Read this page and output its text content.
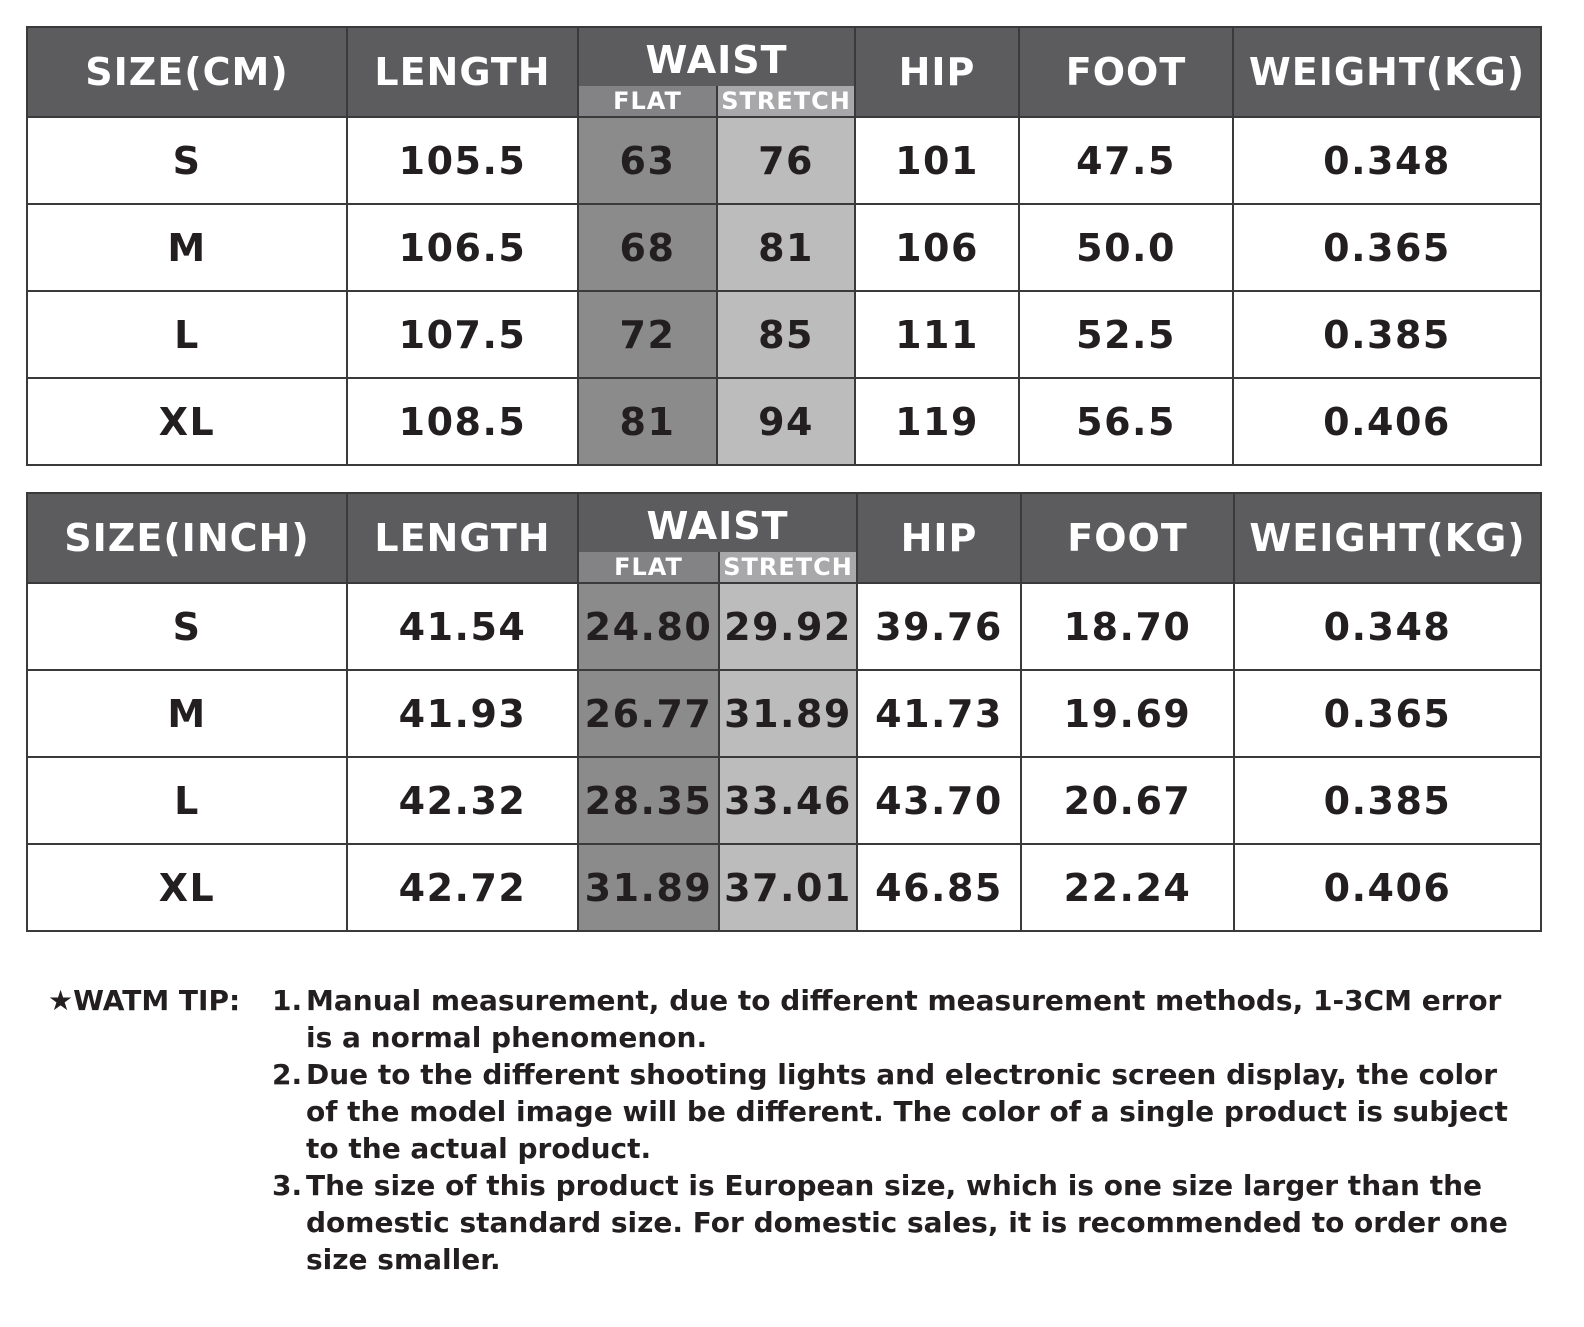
SIZE(CM)	LENGTH	WAIST		HIP	FOOT	WEIGHT(KG)
		FLAT	STRETCH			
S	105.5	63	76	101	47.5	0.348
M	106.5	68	81	106	50.0	0.365
L	107.5	72	85	111	52.5	0.385
XL	108.5	81	94	119	56.5	0.406
SIZE(INCH)	LENGTH	WAIST		HIP	FOOT	WEIGHT(KG)
		FLAT	STRETCH			
S	41.54	24.80	29.92	39.76	18.70	0.348
M	41.93	26.77	31.89	41.73	19.69	0.365
L	42.32	28.35	33.46	43.70	20.67	0.385
XL	42.72	31.89	37.01	46.85	22.24	0.406
★WATM TIP: 1. Manual measurement, due to different measurement methods, 1-3CM error is a normal phenomenon.
2. Due to the different shooting lights and electronic screen display, the color of the model image will be different. The color of a single product is subject to the actual product.
3. The size of this product is European size, which is one size larger than the domestic standard size. For domestic sales, it is recommended to order one size smaller.
